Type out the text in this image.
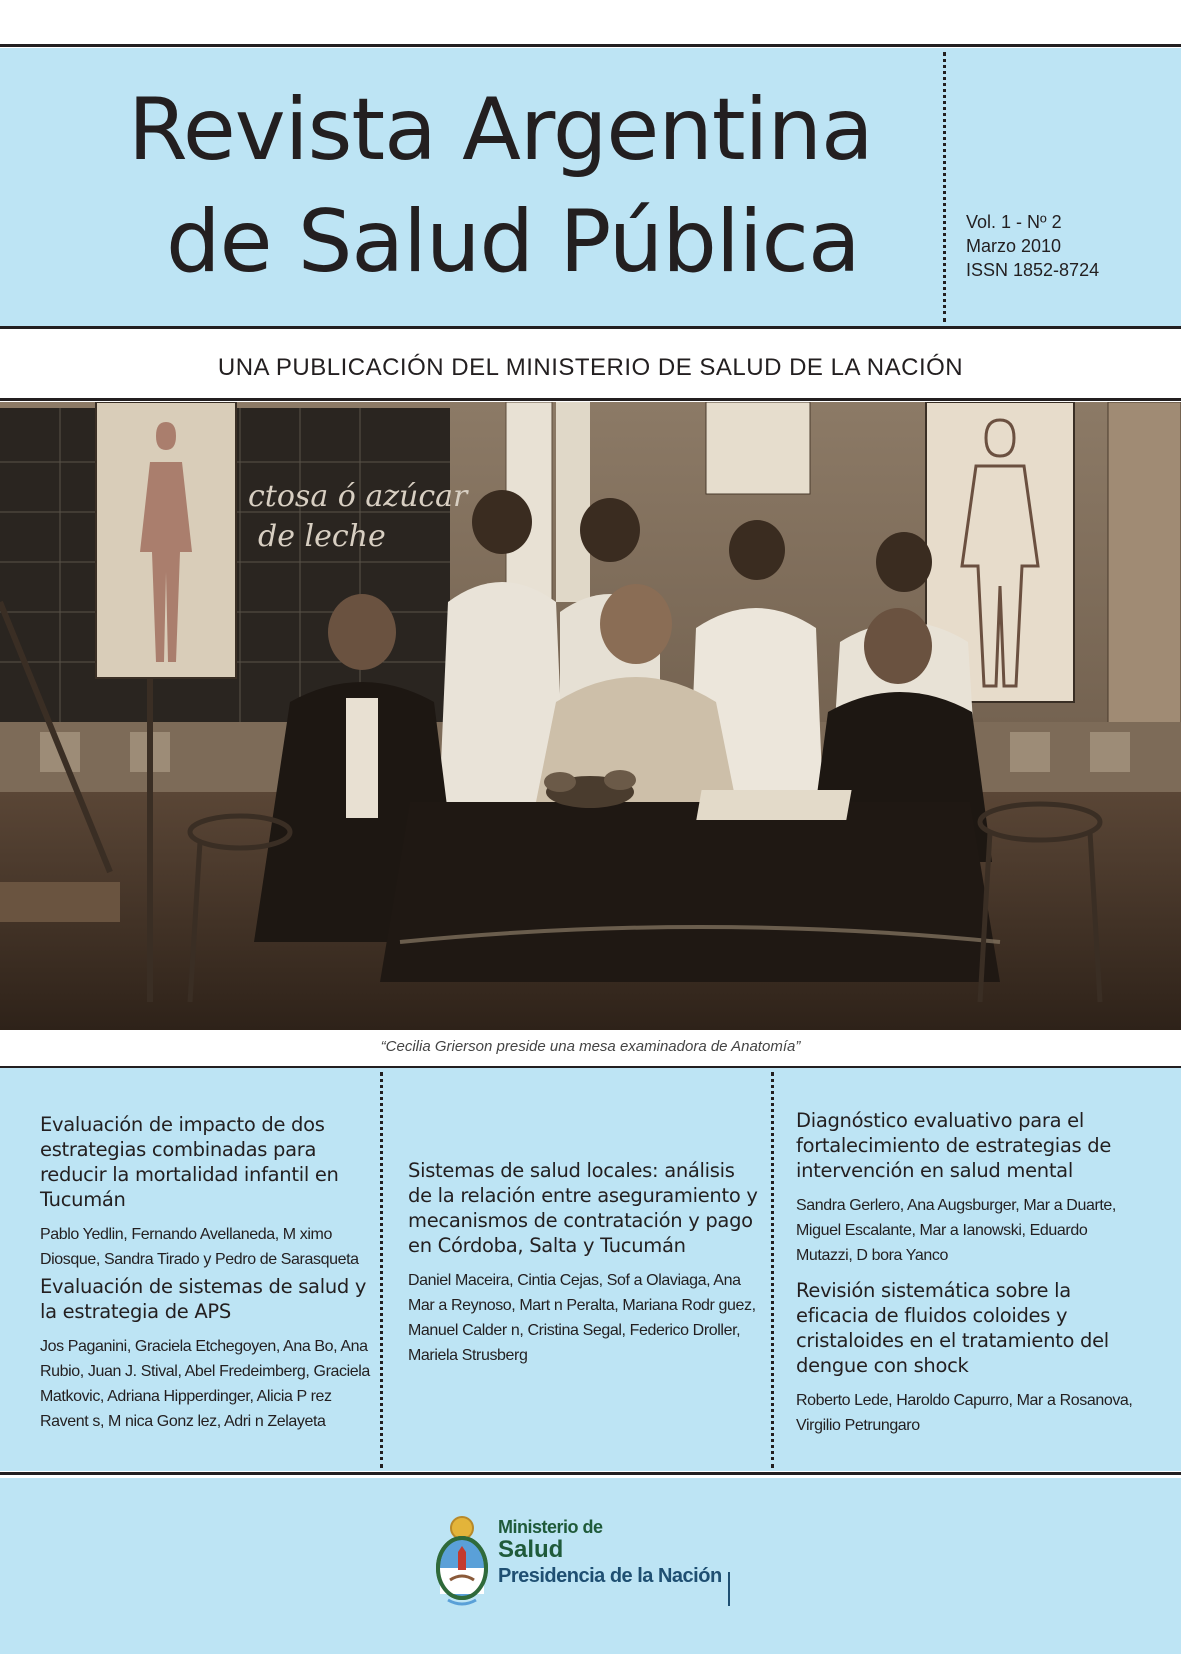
Revista Argentina
de Salud Pública	Vol. 1 - Nº 2
Marzo 2010
ISSN 1852-8724
UNA PUBLICACIÓN DEL MINISTERIO DE SALUD DE LA NACIÓN
ctosa ó azúcar
de leche
“Cecilia Grierson preside una mesa examinadora de Anatomía”
Evaluación de impacto de dos estrategias combinadas para reducir la mortalidad infantil en Tucumán

Pablo Yedlin, Fernando Avellaneda, M ximo Diosque, Sandra Tirado y Pedro de Sarasqueta

Evaluación de sistemas de salud y la estrategia de APS

Jos Paganini, Graciela Etchegoyen, Ana Bo, Ana Rubio, Juan J. Stival, Abel Fredeimberg, Graciela Matkovic, Adriana Hipperdinger, Alicia P rez Ravent s, M nica Gonz lez, Adri n Zelayeta

Sistemas de salud locales: análisis de la relación entre aseguramiento y mecanismos de contratación y pago en Córdoba, Salta y Tucumán

Daniel Maceira, Cintia Cejas, Sof a Olaviaga, Ana Mar a Reynoso, Mart n Peralta, Mariana Rodr guez, Manuel Calder n, Cristina Segal, Federico Droller, Mariela Strusberg

Diagnóstico evaluativo para el fortalecimiento de estrategias de intervención en salud mental

Sandra Gerlero, Ana Augsburger, Mar a Duarte, Miguel Escalante, Mar a Ianowski, Eduardo Mutazzi, D bora Yanco

Revisión sistemática sobre la eficacia de fluidos coloides y cristaloides en el tratamiento del dengue con shock

Roberto Lede, Haroldo Capurro, Mar a Rosanova, Virgilio Petrungaro

Ministerio de
Salud
Presidencia de la Nación
